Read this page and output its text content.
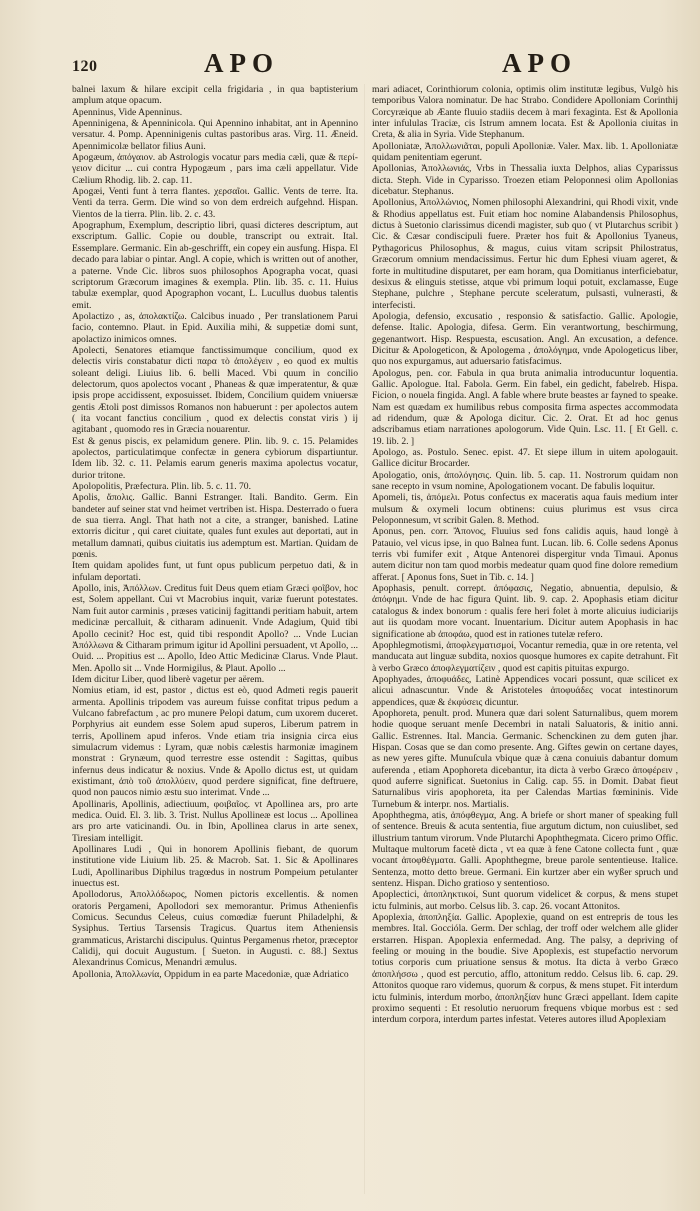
120	APO	APO

balnei laxum & hilare excipit cella frigidaria , in qua baptisterium amplum atque opacum.

Apenninus, Vide Apenninus.

Apenninigena, & Apenninicola. Qui Apennino inhabitat, ant in Apennino versatur. 4. Pomp. Apenninigenis cultas pastoribus aras. Virg. 11. Æneid. Apennimicolæ bellator filius Auni.

Apogæum, ἀπόγαιον. ab Astrologis vocatur pars media cæli, quæ & περί-γειον dicitur ... cui contra Hypogæum , pars ima cæli appellatur. Vide Cælium Rhodig. lib. 2. cap. 11.

Apogæi, Venti funt à terra flantes. χερσαῖοι. Gallic. Vents de terre. Ita. Venti da terra. Germ. Die wind so von dem erdreich aufgehnd. Hispan. Vientos de la tierra. Plin. lib. 2. c. 43.

Apographum, Exemplum, descriptio libri, quasi dicteres descriptum, aut exscriptum. Gallic. Copie ou double, transcript ou extrait. Ital. Essemplare. Germanic. Ein ab-geschrifft, ein copey ein ausfung. Hispa. El decado para labiar o pintar. Angl. A copie, which is written out of another, a paterne. Vnde Cic. libros suos philosophos Apographa vocat, quasi scriptorum Græcorum imagines & exempla. Plin. lib. 35. c. 11. Huius tabulæ exemplar, quod Apographon vocant, L. Lucullus duobus talentis emit.

Apolactizo , as, ἀπολακτίζω. Calcibus inuado , Per translationem Parui facio, contemno. Plaut. in Epid. Auxilia mihi, & suppetiæ domi sunt, apolactizo inimicos omnes.

Apolecti, Senatores etiamque fanctissimumque concilium, quod ex delectis viris constabatur dicti παρα τὸ ἀπολέγειν , eo quod ex multis soleant deligi. Liuius lib. 6. belli Maced. Vbi quum in concilio delectorum, quos apolectos vocant , Phaneas & quæ imperatentur, & quæ ipsis prope accidissent, exposuisset. Ibidem, Concilium quidem vniuersæ gentis Ætoli post dimissos Romanos non habuerunt : per apolectos autem ( ita vocant fanctius concilium , quod ex delectis constat viris ) ij agitabant , quomodo res in Græcia nouarentur.

Est & genus piscis, ex pelamidum genere. Plin. lib. 9. c. 15. Pelamides apolectos, particulatimque confectæ in genera cybiorum dispartiuntur. Idem lib. 32. c. 11. Pelamis earum generis maxima apolectus vocatur, durior tritone.

Apolopolitis, Præfectura. Plin. lib. 5. c. 11. 70.

Apolis, ἄπολις. Gallic. Banni Estranger. Itali. Bandito. Germ. Ein bandeter auf seiner stat vnd heimet vertriben ist. Hispa. Desterrado o fuera de sua tierra. Angl. That hath not a cite, a stranger, banished. Latine extorris dicitur , qui caret ciuitate, quales funt exules aut deportati, aut in metallum damnati, quibus ciuitatis ius ademptum est. Martian. Quidam de pœnis.

Item quidam apolides funt, ut funt opus publicum perpetuo dati, & in infulam deportati.

Apollo, inis, Ἀπόλλων. Creditus fuit Deus quem etiam Græci φοῖβον, hoc est, Solem appellant. Cui vt Macrobius inquit, variæ fuerunt potestates. Nam fuit autor carminis , præses vaticinij fagittandi peritiam habuit, artem medicinæ percalluit, & citharam adinuenit. Vnde Adagium, Quid tibi Apollo cecinit? Hoc est, quid tibi respondit Apollo? ... Vnde Lucian Ἀπόλλωνα & Citharam primum igitur id Apollini persuadent, vt Apollo, ... Ouid. ... Propitius est ... Apollo, Ideo Attic Medicinæ Clarus. Vnde Plaut. Men. Apollo sit ... Vnde Hormigilus, & Plaut. Apollo ...

Idem dicitur Liber, quod liberè vagetur per aërem.

Nomius etiam, id est, pastor , dictus est eò, quod Admeti regis pauerit armenta. Apollinis tripodem vas aureum fuisse confitat tripus pedum a Vulcano fabrefactum , ac pro munere Pelopi datum, cum uxorem duceret. Porphyrius ait eundem esse Solem apud superos, Liberum patrem in terris, Apollinem apud inferos. Vnde etiam tria insignia circa eius simulacrum videmus : Lyram, quæ nobis cælestis harmoniæ imaginem monstrat : Grynæum, quod terrestre esse ostendit : Sagittas, quibus infernus deus indicatur & noxius. Vnde & Apollo dictus est, ut quidam existimant, ἀπὸ τοῦ ἀπολλύειν, quod perdere significat, fine deftruere, quod non paucos nimio æstu suo interimat. Vnde ...

Apollinaris, Apollinis, adiectiuum, φοιβαῖος. vt Apollinea ars, pro arte medica. Ouid. El. 3. lib. 3. Trist. Nullus Apollineæ est locus ... Apollinea ars pro arte vaticinandi. Ou. in Ibin, Apollinea clarus in arte senex, Tiresiam intelligit.

Apollinares Ludi , Qui in honorem Apollinis fiebant, de quorum institutione vide Liuium lib. 25. & Macrob. Sat. 1. Sic & Apollinares Ludi, Apollinaribus Diphilus tragœdus in nostrum Pompeium petulanter inuectus est.

Apollodorus, Ἀπολλόδωρος, Nomen pictoris excellentis. & nomen oratoris Pergameni, Apollodori sex memorantur. Primus Athenienfis Comicus. Secundus Celeus, cuius comœdiæ fuerunt Philadelphi, & Sysiphus. Tertius Tarsensis Tragicus. Quartus item Atheniensis grammaticus, Aristarchi discipulus. Quintus Pergamenus rhetor, præceptor Calidij, qui docuit Augustum. [ Sueton. in Augusti. c. 88.] Sextus Alexandrinus Comicus, Menandri æmulus.

Apollonia, Ἀπολλωνία, Oppidum in ea parte Macedoniæ, quæ Adriatico

mari adiacet, Corinthiorum colonia, optimis olim institutæ legibus, Vulgò his temporibus Valora nominatur. De hac Strabo. Condidere Apolloniam Corinthij Corcyræique ab Æante fluuio stadiis decem à mari fexaginta. Est & Apollonia inter infululas Traciæ, cis Istrum amnem locata. Est & Apollonia ciuitas in Creta, & alia in Syria. Vide Stephanum.

Apolloniatæ, Ἀπολλωνιᾶται, populi Apolloniæ. Valer. Max. lib. 1. Apolloniatæ quidam penitentiam egerunt.

Apollonias, Ἀπολλωνιάς, Vrbs in Thessalia iuxta Delphos, alias Cyparissus dicta. Steph. Vide in Cyparisso. Troezen etiam Peloponnesi olim Apollonias dicebatur. Stephanus.

Apollonius, Ἀπολλώνιος, Nomen philosophi Alexandrini, qui Rhodi vixit, vnde & Rhodius appellatus est. Fuit etiam hoc nomine Alabandensis Philosophus, dictus à Suetonio clarissimus dicendi magister, sub quo ( vt Plutarchus scribit ) Cic. & Cæsar condiscipuli fuere. Præter hos fuit & Apollonius Tyaneus, Pythagoricus Philosophus, & magus, cuius vitam scripsit Philostratus, Græcorum omnium mendacissimus. Fertur hic dum Ephesi viuam ageret, & forte in multitudine disputaret, per eam horam, qua Domitianus interficiebatur, desixus & elinguis stetisse, atque vbi primum loqui potuit, exclamasse, Euge Stephane, pulchre , Stephane percute sceleratum, pulsasti, vulnerasti, & interfecisti.

Apologia, defensio, excusatio , responsio & satisfactio. Gallic. Apologie, defense. Italic. Apologia, difesa. Germ. Ein verantwortung, beschirmung, gegenantwort. Hisp. Respuesta, escusation. Angl. An excusation, a defence. Dicitur & Apologeticon, & Apologema , ἀπολόγημα, vnde Apologeticus liber, quo nos expurgamus, aut aduersario fatisfacimus.

Apologus, pen. cor. Fabula in qua bruta animalia introducuntur loquentia. Gallic. Apologue. Ital. Fabola. Germ. Ein fabel, ein gedicht, fabelreb. Hispa. Ficion, o nouela fingida. Angl. A fable where brute beastes ar fayned to speake. Nam est quædam ex humilibus rebus composita firma aspectes accommodata ad ridendum, quæ & Apologa dicitur. Cic. 2. Orat. Et ad hoc genus adscribamus etiam narrationes apologorum. Vide Quin. Lsc. 11. [ Et Gell. c. 19. lib. 2. ]

Apologo, as. Postulo. Senec. epist. 47. Et siepe illum in uitem apologauit. Gallice dicitur Brocarder.

Apologatio, onis, ἀπολόγησις. Quin. lib. 5. cap. 11. Nostrorum quidam non sane recepto in vsum nomine, Apologationem vocant. De fabulis loquitur.

Apomeli, tis, ἀπόμελι. Potus confectus ex maceratis aqua fauis medium inter mulsum & oxymeli locum obtinens: cuius plurimus est vsus circa Peloponnesum, vt scribit Galen. 8. Method.

Aponus, pen. corr. Ἄπονος, Fluuius sed fons calidis aquis, haud longè à Patauio, vel vicus ipse, in quo Balnea funt. Lucan. lib. 6. Colle sedens Aponus terris vbi fumifer exit , Atque Antenorei dispergitur vnda Timaui. Aponus autem dicitur non tam quod morbis medeatur quam quod fine dolore remedium afferat. [ Aponus fons, Suet in Tib. c. 14. ]

Apophasis, penult. corrept. ἀπόφασις, Negatio, abnuentia, depulsio, & ἀπόφημι. Vnde de hac figura Quint. lib. 9. cap. 2. Apophasis etiam dicitur catalogus & index bonorum : qualis fere heri folet à morte alicuius iudiciarijs aut iis quodam more vocant. Inuentarium. Dicitur autem Apophasis in hac significatione ab ἀποφάω, quod est in rationes tutelæ refero.

Apophlegmotismi, ἀποφλεγματισμοί, Vocantur remedia, quæ in ore retenta, vel manducata aut linguæ subdita, noxios quosque humores ex capite detrahunt. Fit à verbo Græco ἀποφλεγματίζειν , quod est capitis pituitas expurgo.

Apophyades, ἀποφυάδες, Latinè Appendices vocari possunt, quæ scilicet ex alicui adnascuntur. Vnde & Aristoteles ἀποφυάδες vocat intestinorum appendices, quæ & ἐκφύσεις dicuntur.

Apophoreta, penult. prod. Munera quæ dari solent Saturnalibus, quem morem hodie quoque seruant menſe Decembri in natali Saluatoris, & initio anni. Gallic. Estrennes. Ital. Mancia. Germanic. Schenckinen zu dem guten jhar. Hispan. Cosas que se dan como presente. Ang. Giftes gewin on certane dayes, as new yeres gifte. Munuſcula vbique quæ à cæna conuiuis dabantur domum auferenda , etiam Apophoreta dicebantur, ita dicta à verbo Græco ἀποφέρειν , quod auferre significat. Suetonius in Calig. cap. 55. in Domit. Dabat fieut Saturnalibus viris apophoreta, ita per Calendas Martias fœmininis. Vide Turnebum & interpr. nos. Martialis.

Apophthegma, atis, ἀπόφθεγμα, Ang. A briefe or short maner of speaking full of sentence. Breuis & acuta sententia, fiue argutum dictum, non cuiuslibet, sed illustrium tantum virorum. Vnde Plutarchi Apophthegmata. Cicero primo Offic. Multaque multorum facetè dicta , vt ea quæ à fene Catone collecta funt , quæ vocant ἀποφθέγματα. Galli. Apophthegme, breue parole sententieuse. Italice. Sentenza, motto detto breue. Germani. Ein kurtzer aber ein wyßer spruch und sentenz. Hispan. Dicho gratioso y sententioso.

Apoplectici, ἀποπληκτικοί, Sunt quorum videlicet & corpus, & mens stupet ictu fulminis, aut morbo. Celsus lib. 3. cap. 26. vocant Attonitos.

Apoplexia, ἀποπληξία. Gallic. Apoplexie, quand on est entrepris de tous les membres. Ital. Goccióla. Germ. Der schlag, der troff oder welchem alle glider erstarren. Hispan. Apoplexia enfermedad. Ang. The palsy, a depriving of feeling or mouing in the boudie. Sive Apoplexis, est stupefactio nervorum totius corporis cum priuatione sensus & motus. Ita dicta à verbo Græco ἀποπλήσσω , quod est percutio, afflo, attonitum reddo. Celsus lib. 6. cap. 29. Attonitos quoque raro videmus, quorum & corpus, & mens stupet. Fit interdum ictu fulminis, interdum morbo, ἀποπληξίαν hunc Græci appellant. Idem capite proximo sequenti : Et resolutio neruorum frequens vbique morbus est : sed interdum corpora, interdum partes infestat. Veteres autores illud Apoplexiam
